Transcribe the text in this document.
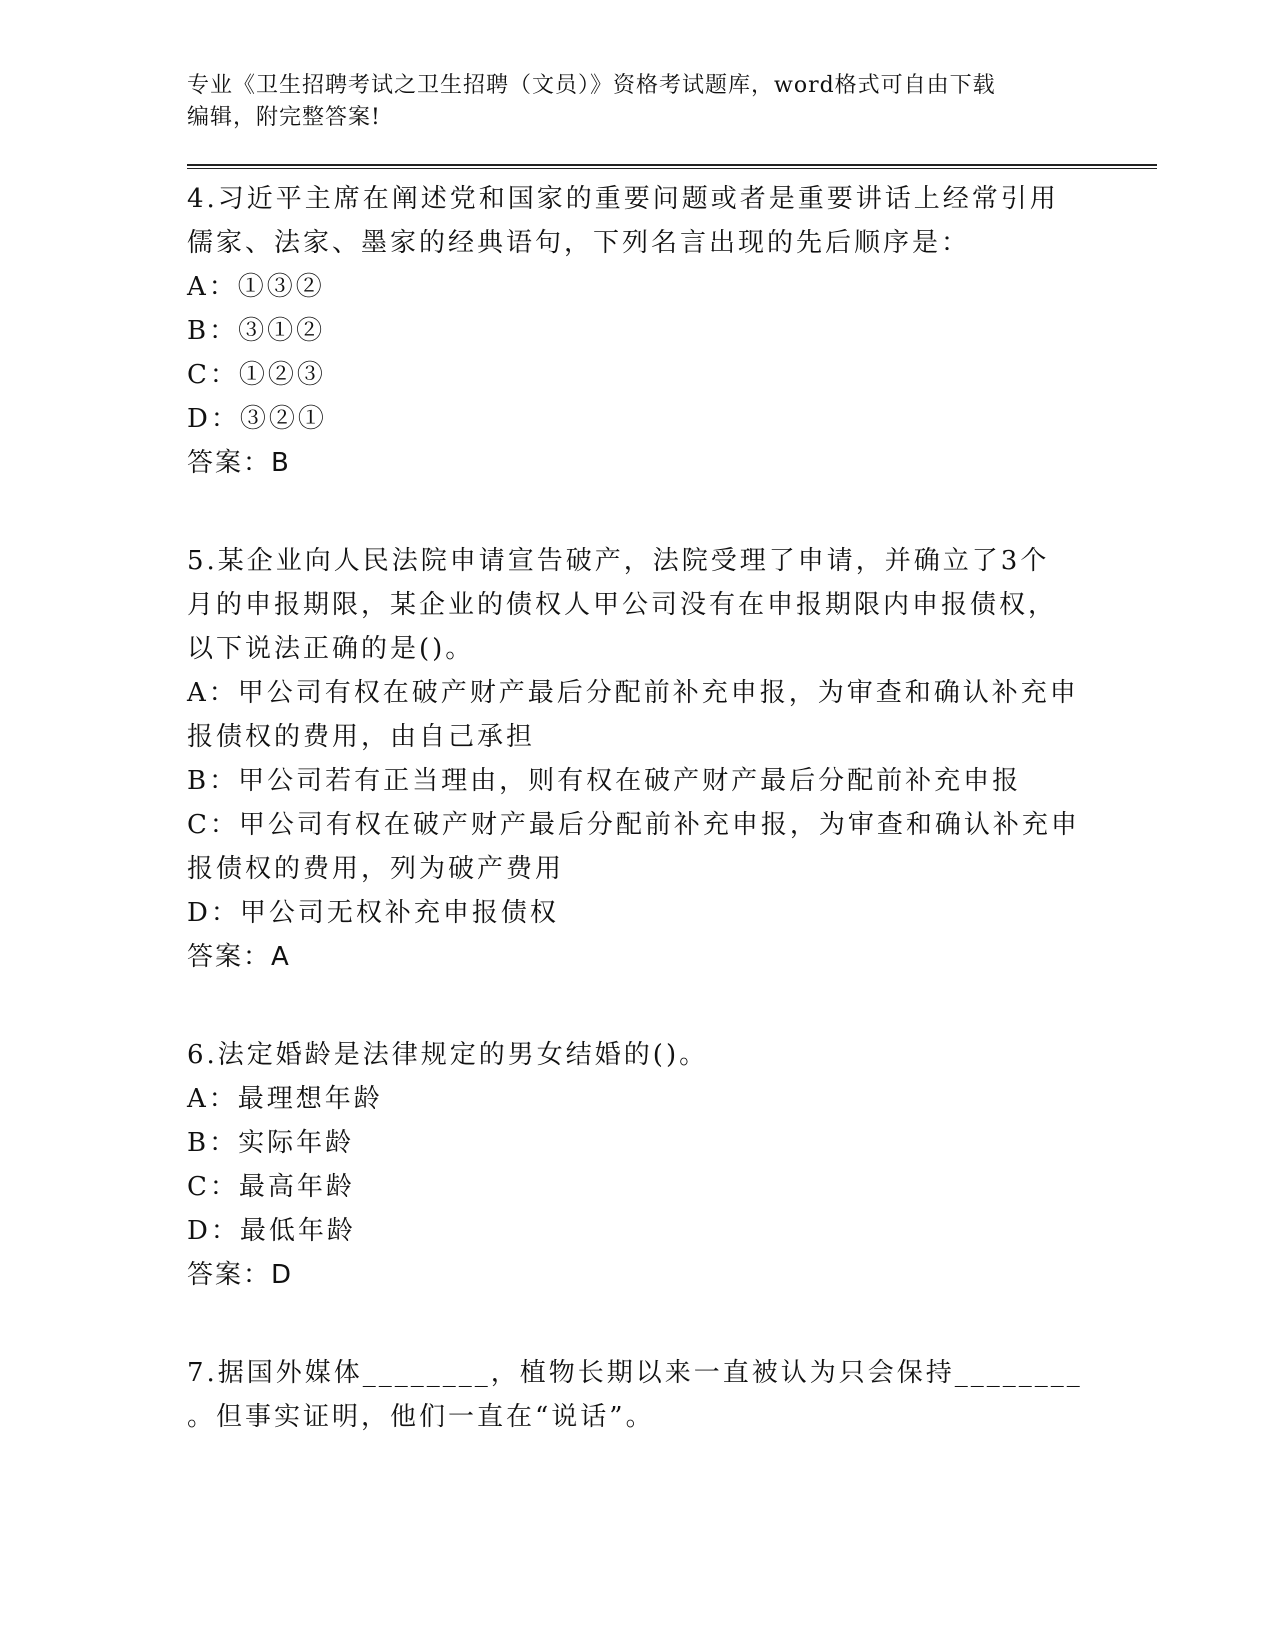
专业《卫生招聘考试之卫生招聘（文员）》资格考试题库，word格式可自由下载

编辑，附完整答案!

4.习近平主席在阐述党和国家的重要问题或者是重要讲话上经常引用

儒家、法家、墨家的经典语句，下列名言出现的先后顺序是：

A：①③②

B：③①②

C：①②③

D：③②①

答案：B

5.某企业向人民法院申请宣告破产，法院受理了申请，并确立了3个

月的申报期限，某企业的债权人甲公司没有在申报期限内申报债权，

以下说法正确的是()。

A：甲公司有权在破产财产最后分配前补充申报，为审查和确认补充申

报债权的费用，由自己承担

B：甲公司若有正当理由，则有权在破产财产最后分配前补充申报

C：甲公司有权在破产财产最后分配前补充申报，为审查和确认补充申

报债权的费用，列为破产费用

D：甲公司无权补充申报债权

答案：A

6.法定婚龄是法律规定的男女结婚的()。

A：最理想年龄

B：实际年龄

C：最高年龄

D：最低年龄

答案：D

7.据国外媒体________，植物长期以来一直被认为只会保持________

。但事实证明，他们一直在“说话”。
